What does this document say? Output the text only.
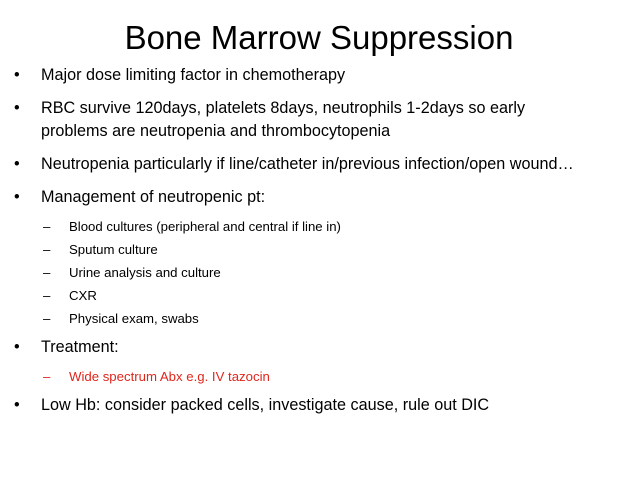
Bone Marrow Suppression
•	Major dose limiting factor in chemotherapy
•	RBC survive 120days, platelets 8days, neutrophils 1-2days so early problems are neutropenia and thrombocytopenia
•	Neutropenia particularly if line/catheter in/previous infection/open wound…
•	Management of neutropenic pt:
– Blood cultures (peripheral and central if line in)
– Sputum culture
– Urine analysis and culture
– CXR
– Physical exam, swabs
•	Treatment:
– Wide spectrum Abx e.g. IV tazocin
•	Low Hb: consider packed cells, investigate cause, rule out DIC
